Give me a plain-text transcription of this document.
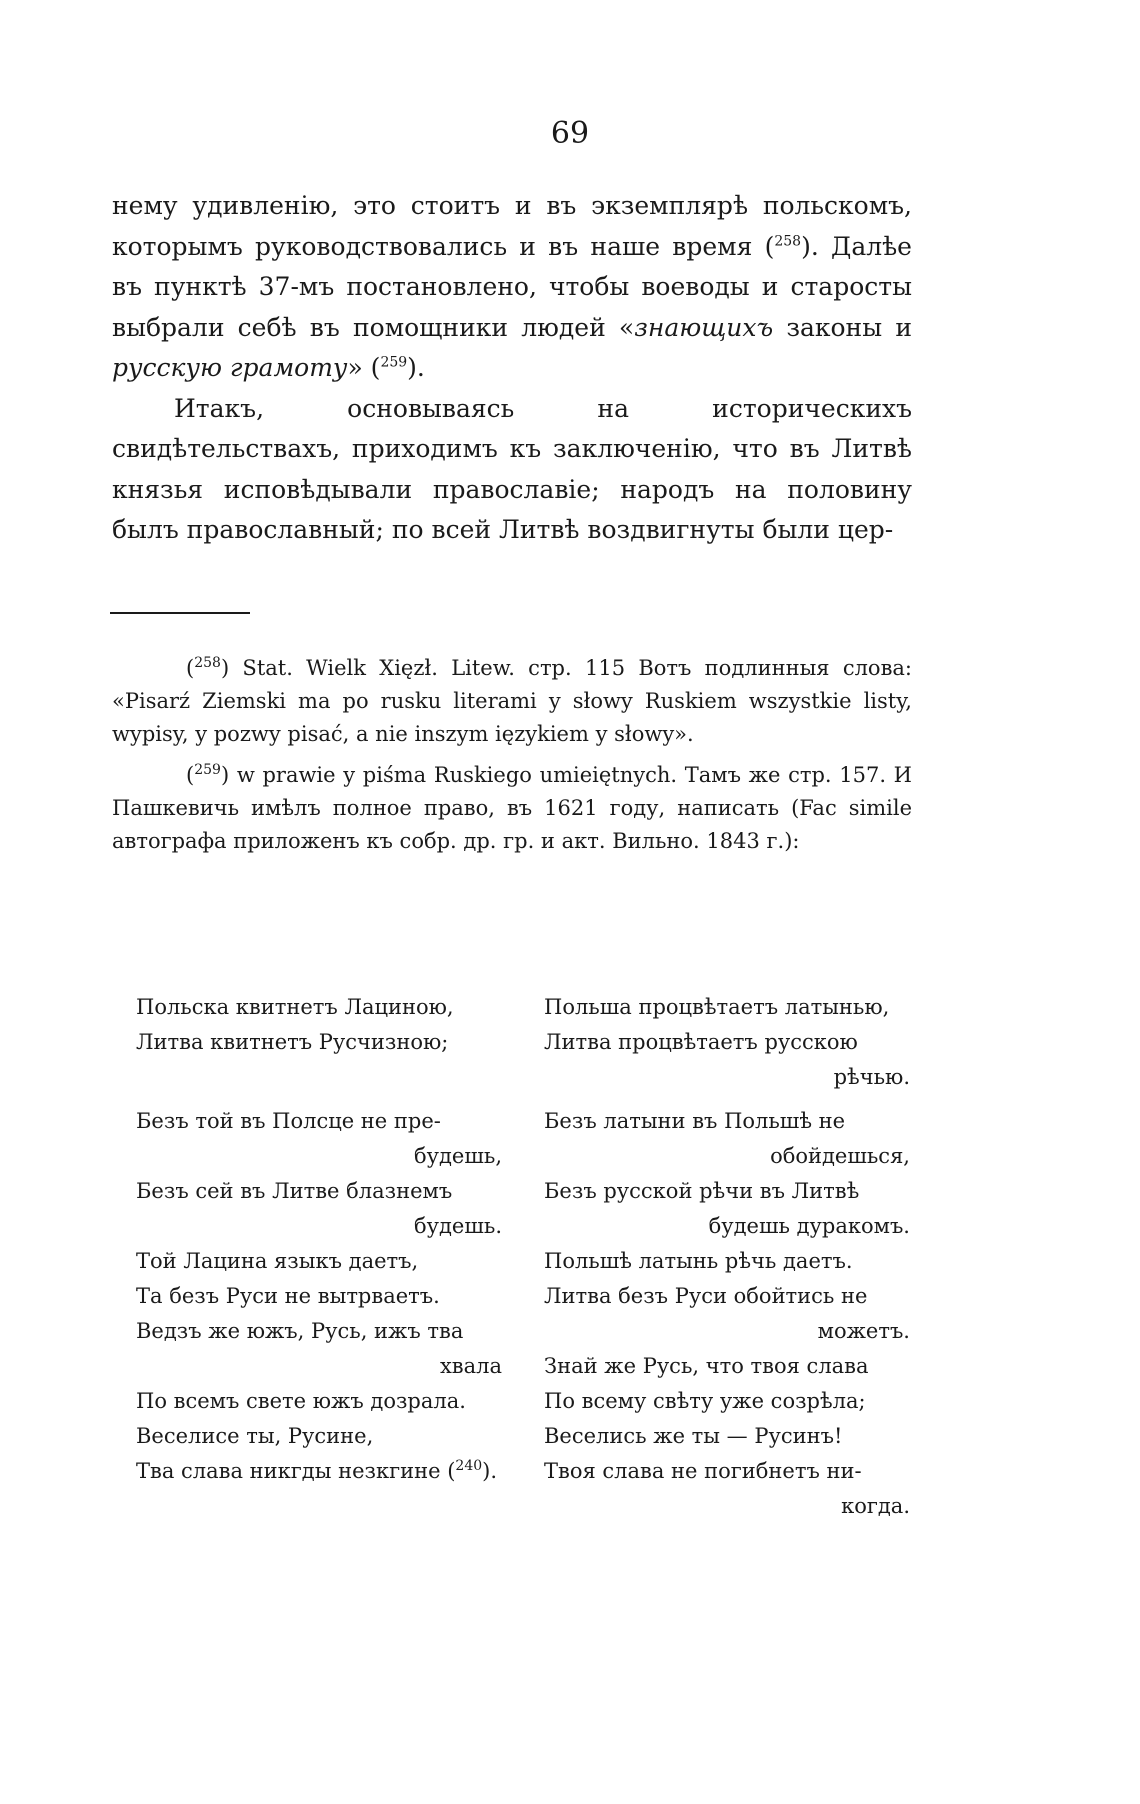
69

нему удивленію, это стоитъ и въ экземплярѣ польскомъ, которымъ руководствовались и въ наше время ($^{258}$). Далѣе въ пунктѣ 37-мъ постановлено, чтобы воеводы и старосты выбрали себѣ въ помощники людей «знающихъ законы и русскую грамоту» ($^{259}$).

Итакъ, основываясь на историческихъ свидѣтельствахъ, приходимъ къ заключенію, что въ Литвѣ князья исповѣдывали православіе; народъ на половину былъ православный; по всей Литвѣ воздвигнуты были цер-

($^{258}$) Stat. Wielk Xięzł. Litew. стр. 115 Вотъ подлинныя слова: «Pisarź Ziemski ma po rusku literami y słowy Ruskiem wszystkie listy, wypisy, y pozwy pisać, a nie inszym ięzykiem y słowy».

($^{259}$) w prawie y piśma Ruskiego umieiętnych. Тамъ же стр. 157. И Пашкевичь имѣлъ полное право, въ 1621 году, написать (Fac simile автографа приложенъ къ собр. др. гр. и акт. Вильно. 1843 г.):

Польска квитнетъ Лациною,
Литва квитнетъ Русчизною;

Безъ той въ Полсце не пре-
будешь,
Безъ сей въ Литве блазнемъ
будешь.
Той Лацина языкъ даетъ,
Та безъ Руси не вытрваетъ.
Ведзъ же южъ, Русь, ижъ тва
хвала
По всемъ свете южъ дозрала.
Веселисе ты, Русине,
Тва слава никгды незкгине ($^{240}$).
Польша процвѣтаетъ латынью,
Литва процвѣтаетъ русскою
рѣчью.
Безъ латыни въ Польшѣ не
обойдешься,
Безъ русской рѣчи въ Литвѣ
будешь дуракомъ.
Польшѣ латынь рѣчь даетъ.
Литва безъ Руси обойтись не
можетъ.
Знай же Русь, что твоя слава
По всему свѣту уже созрѣла;
Веселись же ты — Русинъ!
Твоя слава не погибнетъ ни-
когда.
